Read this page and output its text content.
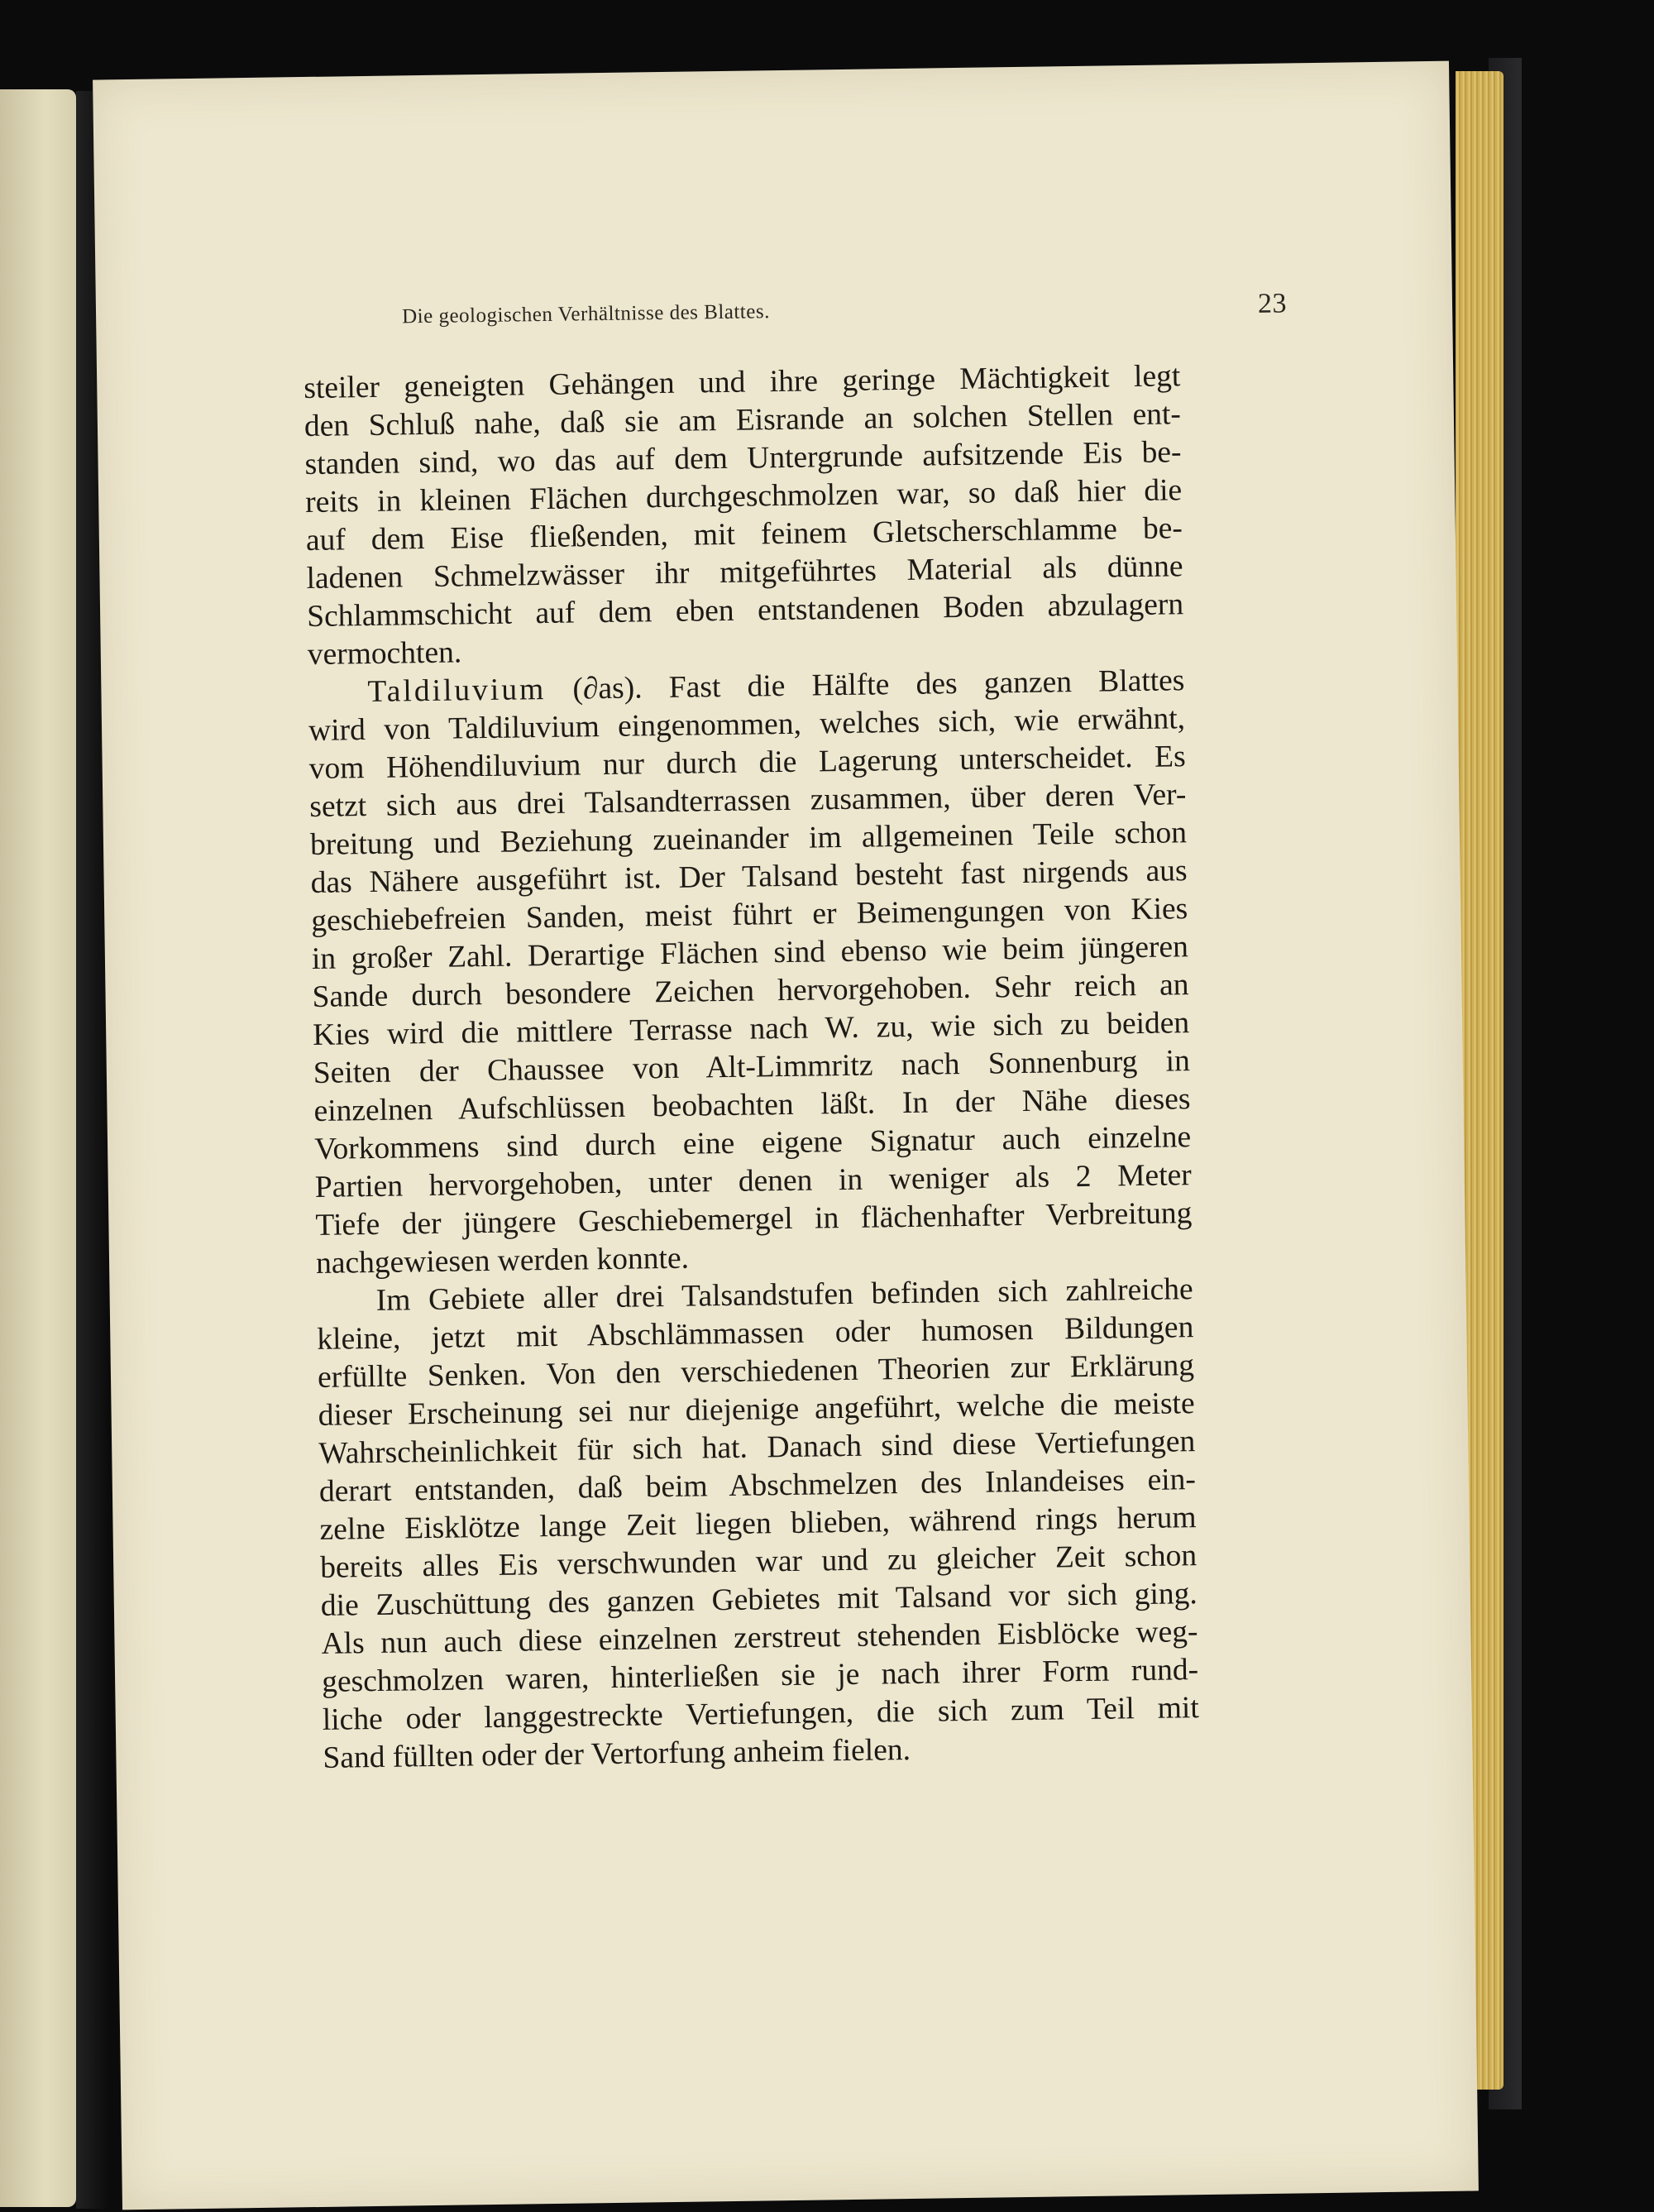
Die geologischen Verhältnisse des Blattes.	23
steiler geneigten Gehängen und ihre geringe Mächtigkeit legt
den Schluß nahe, daß sie am Eisrande an solchen Stellen ent-
standen sind, wo das auf dem Untergrunde aufsitzende Eis be-
reits in kleinen Flächen durchgeschmolzen war, so daß hier die
auf dem Eise fließenden, mit feinem Gletscherschlamme be-
ladenen Schmelzwässer ihr mitgeführtes Material als dünne
Schlammschicht auf dem eben entstandenen Boden abzulagern
vermochten.
Taldiluvium (∂as). Fast die Hälfte des ganzen Blattes
wird von Taldiluvium eingenommen, welches sich, wie erwähnt,
vom Höhendiluvium nur durch die Lagerung unterscheidet. Es
setzt sich aus drei Talsandterrassen zusammen, über deren Ver-
breitung und Beziehung zueinander im allgemeinen Teile schon
das Nähere ausgeführt ist. Der Talsand besteht fast nirgends aus
geschiebefreien Sanden, meist führt er Beimengungen von Kies
in großer Zahl. Derartige Flächen sind ebenso wie beim jüngeren
Sande durch besondere Zeichen hervorgehoben. Sehr reich an
Kies wird die mittlere Terrasse nach W. zu, wie sich zu beiden
Seiten der Chaussee von Alt-Limmritz nach Sonnenburg in
einzelnen Aufschlüssen beobachten läßt. In der Nähe dieses
Vorkommens sind durch eine eigene Signatur auch einzelne
Partien hervorgehoben, unter denen in weniger als 2 Meter
Tiefe der jüngere Geschiebemergel in flächenhafter Verbreitung
nachgewiesen werden konnte.
Im Gebiete aller drei Talsandstufen befinden sich zahlreiche
kleine, jetzt mit Abschlämmassen oder humosen Bildungen
erfüllte Senken. Von den verschiedenen Theorien zur Erklärung
dieser Erscheinung sei nur diejenige angeführt, welche die meiste
Wahrscheinlichkeit für sich hat. Danach sind diese Vertiefungen
derart entstanden, daß beim Abschmelzen des Inlandeises ein-
zelne Eisklötze lange Zeit liegen blieben, während rings herum
bereits alles Eis verschwunden war und zu gleicher Zeit schon
die Zuschüttung des ganzen Gebietes mit Talsand vor sich ging.
Als nun auch diese einzelnen zerstreut stehenden Eisblöcke weg-
geschmolzen waren, hinterließen sie je nach ihrer Form rund-
liche oder langgestreckte Vertiefungen, die sich zum Teil mit
Sand füllten oder der Vertorfung anheim fielen.
